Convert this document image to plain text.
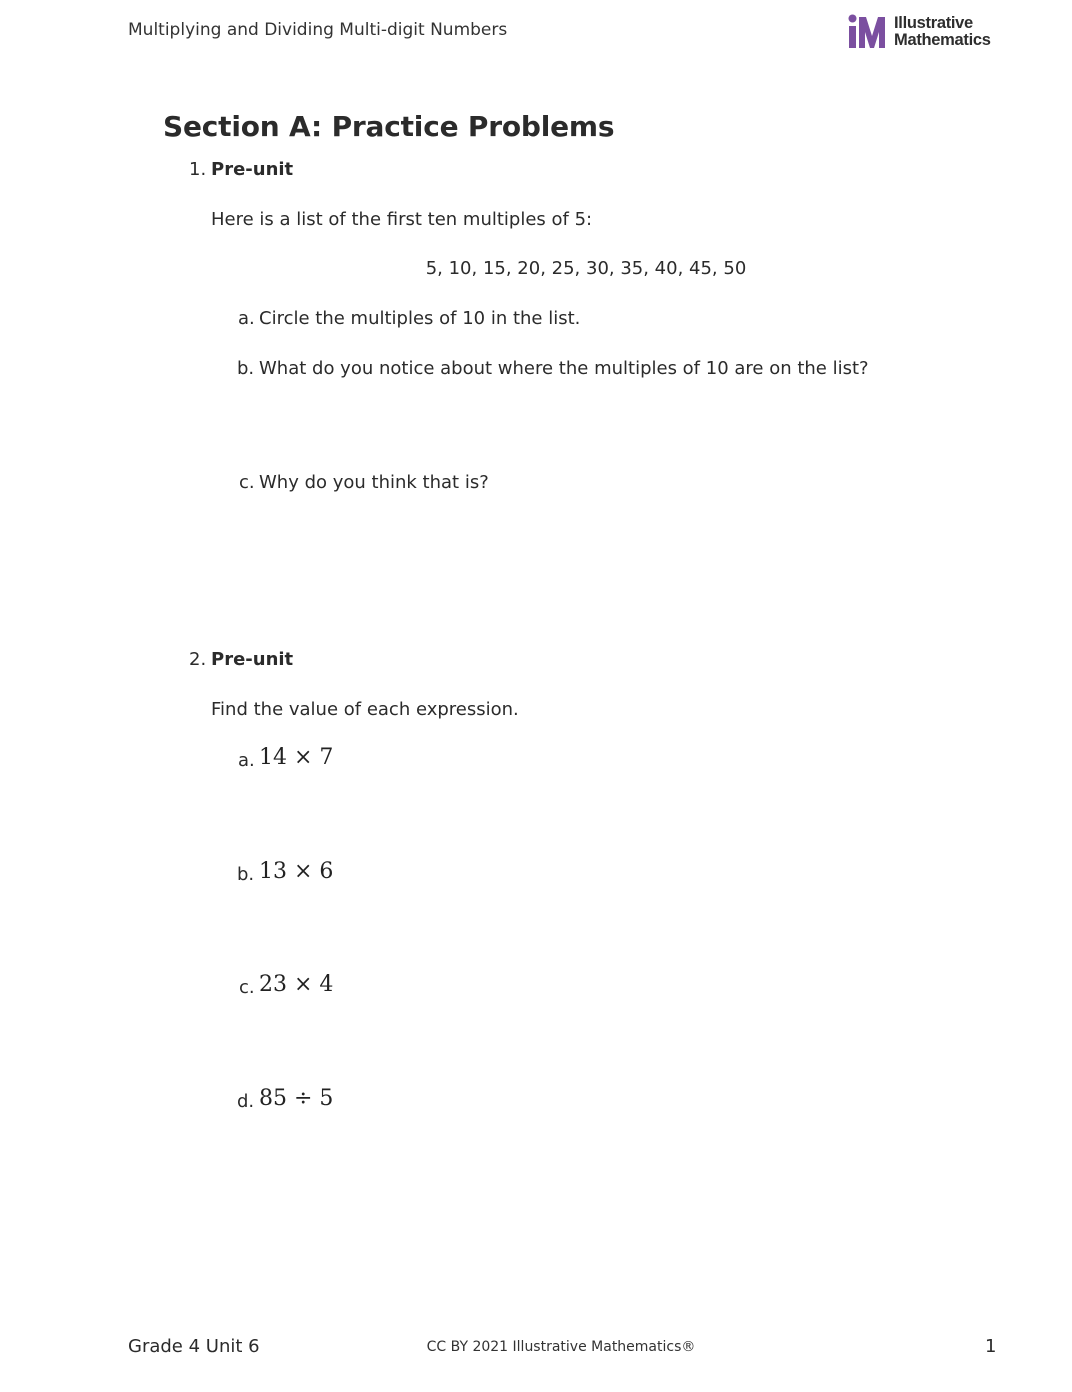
Multiplying and Dividing Multi-digit Numbers	Illustrative
Mathematics
Section A: Practice Problems
1. Pre-unit
Here is a list of the first ten multiples of 5:
5, 10, 15, 20, 25, 30, 35, 40, 45, 50
a. Circle the multiples of 10 in the list.
b. What do you notice about where the multiples of 10 are on the list?
c. Why do you think that is?
2. Pre-unit
Find the value of each expression.
a. 14 × 7
b. 13 × 6
c. 23 × 4
d. 85 ÷ 5
Grade 4 Unit 6	CC BY 2021 Illustrative Mathematics®	1
